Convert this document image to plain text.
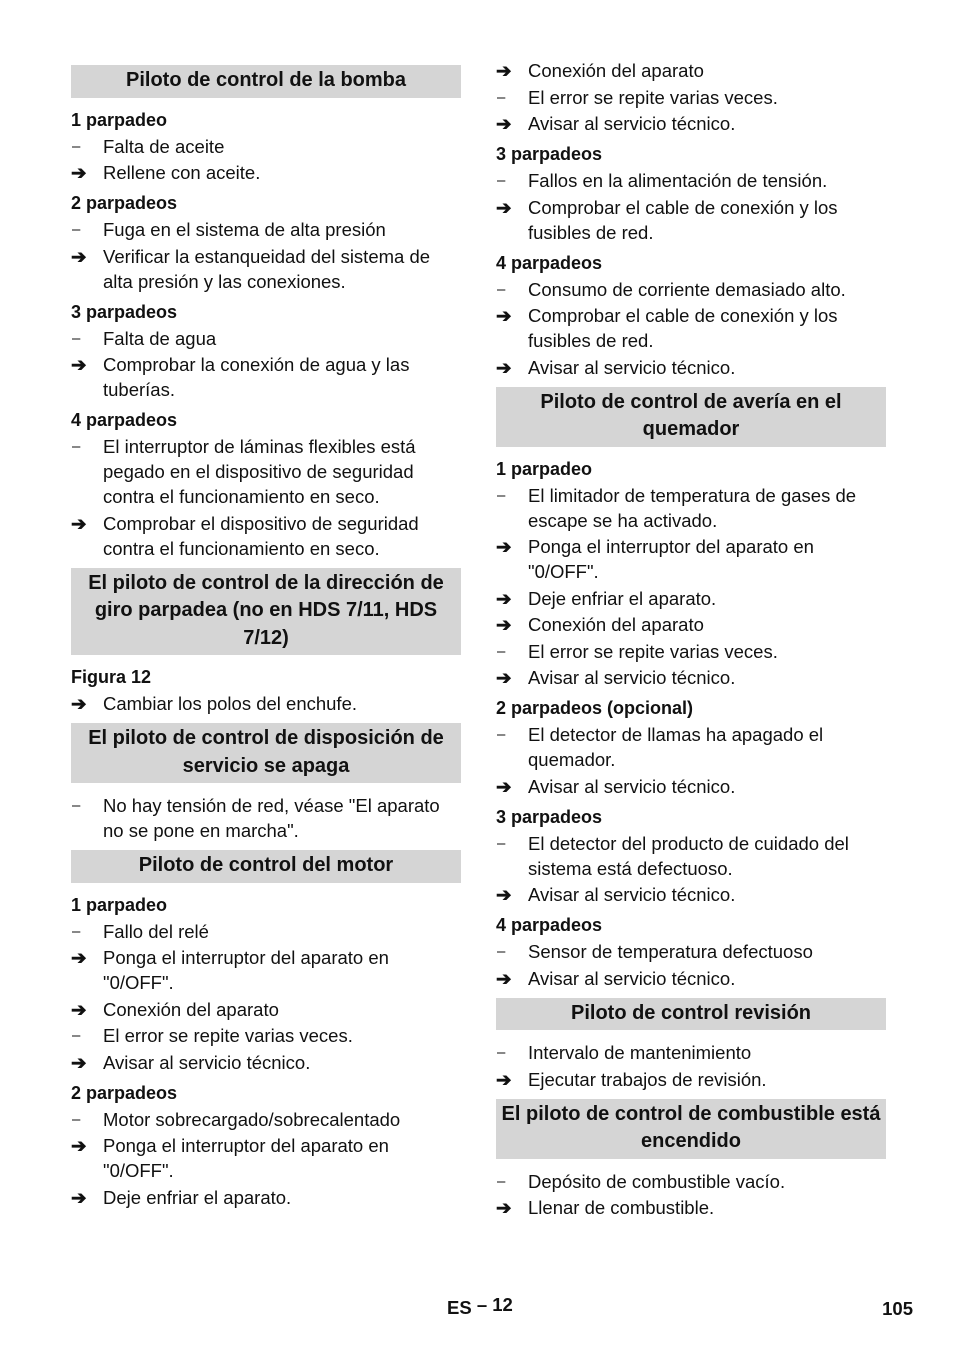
Piloto de control de la bomba
1 parpadeo
–	Falta de aceite
➔ Rellene con aceite.
2 parpadeos
–	Fuga en el sistema de alta presión
➔ Verificar la estanqueidad del sistema de alta presión y las conexiones.
3 parpadeos
–	Falta de agua
➔ Comprobar la conexión de agua y las tuberías.
4 parpadeos
–	El interruptor de láminas flexibles está pegado en el dispositivo de seguridad contra el funcionamiento en seco.
➔ Comprobar el dispositivo de seguridad contra el funcionamiento en seco.
El piloto de control de la dirección de giro parpadea (no en HDS 7/11, HDS 7/12)
Figura 12
➔ Cambiar los polos del enchufe.
El piloto de control de disposición de servicio se apaga
–	No hay tensión de red, véase "El aparato no se pone en marcha".
Piloto de control del motor
1 parpadeo
–	Fallo del relé
➔ Ponga el interruptor del aparato en "0/OFF".
➔ Conexión del aparato
–	El error se repite varias veces.
➔ Avisar al servicio técnico.
2 parpadeos
–	Motor sobrecargado/sobrecalentado
➔ Ponga el interruptor del aparato en "0/OFF".
➔ Deje enfriar el aparato.
➔ Conexión del aparato
–	El error se repite varias veces.
➔ Avisar al servicio técnico.
3 parpadeos
–	Fallos en la alimentación de tensión.
➔ Comprobar el cable de conexión y los fusibles de red.
4 parpadeos
–	Consumo de corriente demasiado alto.
➔ Comprobar el cable de conexión y los fusibles de red.
➔ Avisar al servicio técnico.
Piloto de control de avería en el quemador
1 parpadeo
–	El limitador de temperatura de gases de escape se ha activado.
➔ Ponga el interruptor del aparato en "0/OFF".
➔ Deje enfriar el aparato.
➔ Conexión del aparato
–	El error se repite varias veces.
➔ Avisar al servicio técnico.
2 parpadeos (opcional)
–	El detector de llamas ha apagado el quemador.
➔ Avisar al servicio técnico.
3 parpadeos
–	El detector del producto de cuidado del sistema está defectuoso.
➔ Avisar al servicio técnico.
4 parpadeos
–	Sensor de temperatura defectuoso
➔ Avisar al servicio técnico.
Piloto de control revisión
–	Intervalo de mantenimiento
➔ Ejecutar trabajos de revisión.
El piloto de control de combustible está encendido
–	Depósito de combustible vacío.
➔ Llenar de combustible.
ES – 12	105
